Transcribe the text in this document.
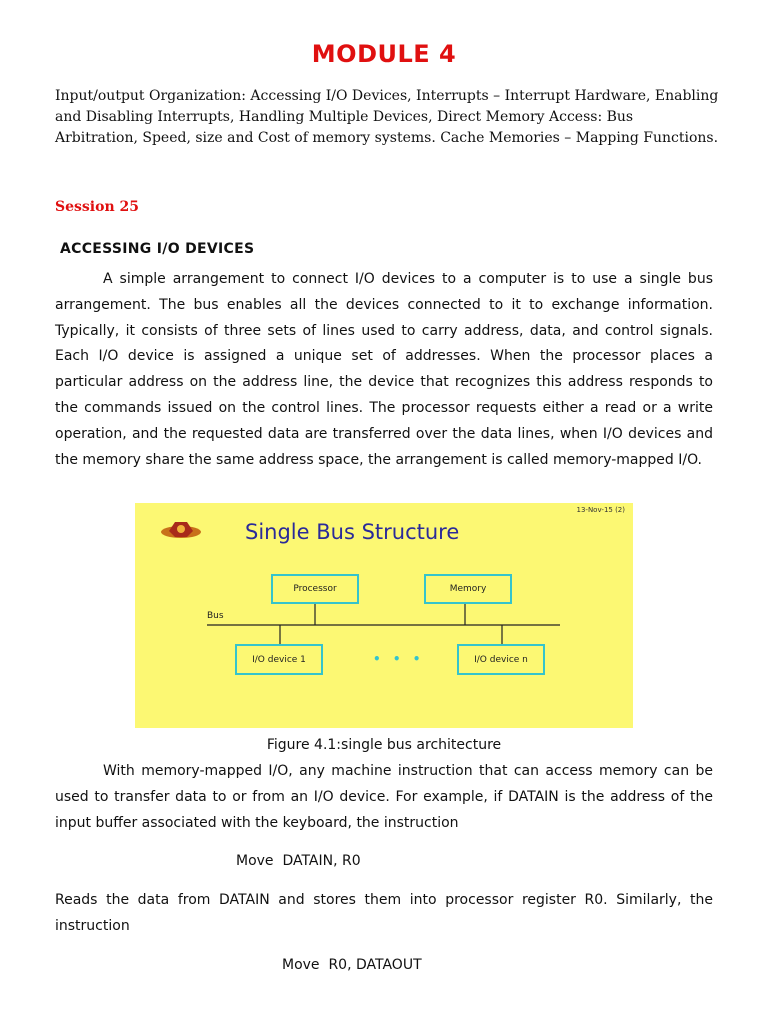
MODULE 4
Input/output Organization: Accessing I/O Devices, Interrupts – Interrupt Hardware, Enabling and Disabling Interrupts, Handling Multiple Devices, Direct Memory Access: Bus Arbitration, Speed, size and Cost of memory systems. Cache Memories – Mapping Functions.
Session 25
ACCESSING I/O DEVICES
A simple arrangement to connect I/O devices to a computer is to use a single bus arrangement. The bus enables all the devices connected to it to exchange information. Typically, it consists of three sets of lines used to carry address, data, and control signals. Each I/O device is assigned a unique set of addresses. When the processor places a particular address on the address line, the device that recognizes this address responds to the commands issued on the control lines. The processor requests either a read or a write operation, and the requested data are transferred over the data lines, when I/O devices and the memory share the same address space, the arrangement is called memory-mapped I/O.
13-Nov-15 (2)
Single Bus Structure
Processor	Memory
Bus
I/O device 1	• • •	I/O device n
Figure 4.1:single bus architecture
With memory-mapped I/O, any machine instruction that can access memory can be used to transfer data to or from an I/O device. For example, if DATAIN is the address of the input buffer associated with the keyboard, the instruction
Move  DATAIN, R0
Reads the data from DATAIN and stores them into processor register R0. Similarly, the instruction
Move  R0, DATAOUT
